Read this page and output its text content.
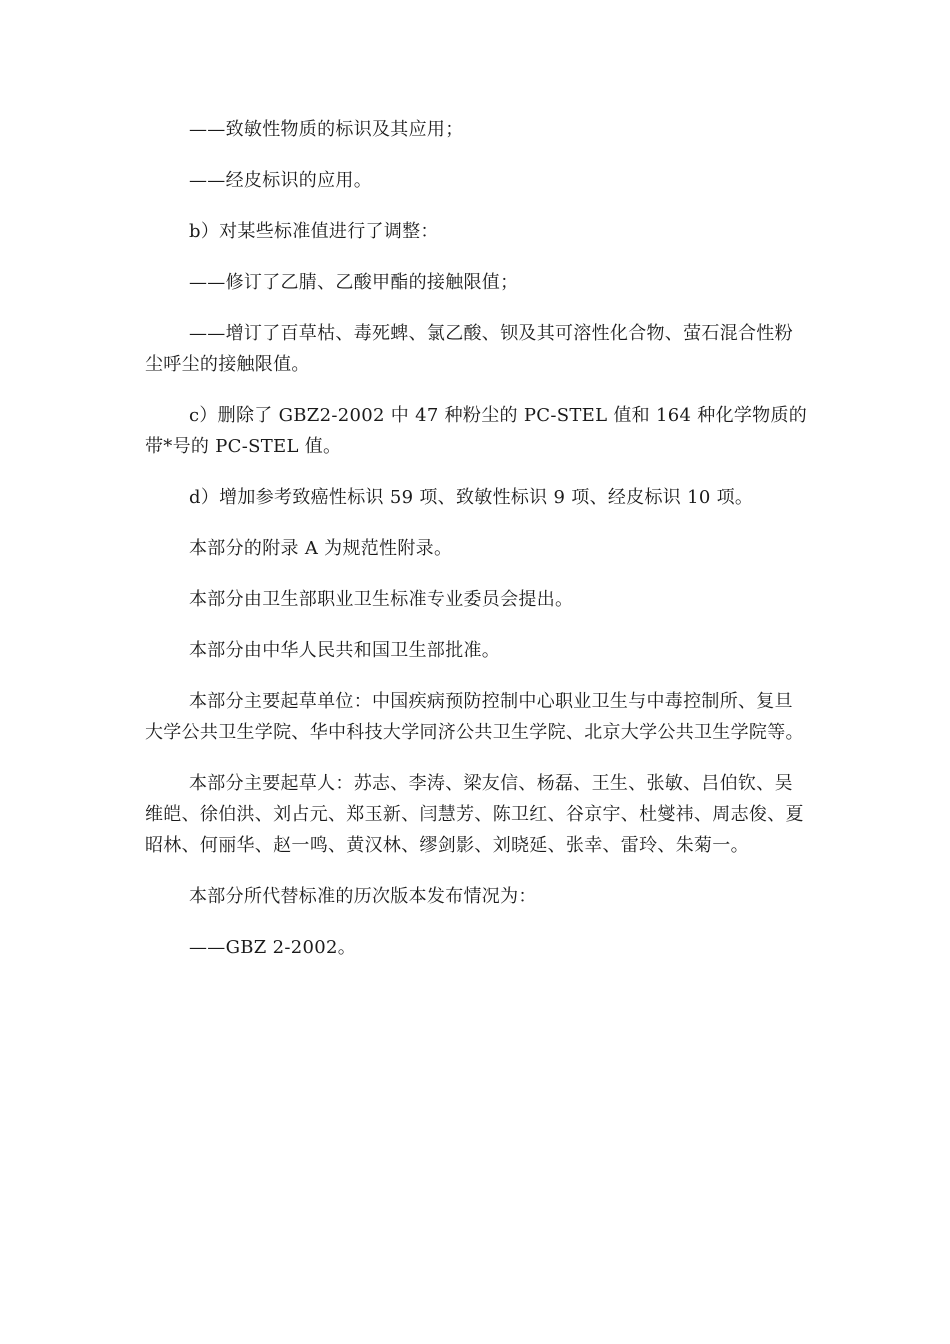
——致敏性物质的标识及其应用；

——经皮标识的应用。

b）对某些标准值进行了调整：

——修订了乙腈、乙酸甲酯的接触限值；

——增订了百草枯、毒死蜱、氯乙酸、钡及其可溶性化合物、萤石混合性粉尘呼尘的接触限值。

c）删除了 GBZ2-2002 中 47 种粉尘的 PC-STEL 值和 164 种化学物质的带*号的 PC-STEL 值。

d）增加参考致癌性标识 59 项、致敏性标识 9 项、经皮标识 10 项。

本部分的附录 A 为规范性附录。

本部分由卫生部职业卫生标准专业委员会提出。

本部分由中华人民共和国卫生部批准。

本部分主要起草单位：中国疾病预防控制中心职业卫生与中毒控制所、复旦大学公共卫生学院、华中科技大学同济公共卫生学院、北京大学公共卫生学院等。

本部分主要起草人：苏志、李涛、梁友信、杨磊、王生、张敏、吕伯钦、吴维皑、徐伯洪、刘占元、郑玉新、闫慧芳、陈卫红、谷京宇、杜燮祎、周志俊、夏昭林、何丽华、赵一鸣、黄汉林、缪剑影、刘晓延、张幸、雷玲、朱菊一。

本部分所代替标准的历次版本发布情况为：

——GBZ 2-2002。
